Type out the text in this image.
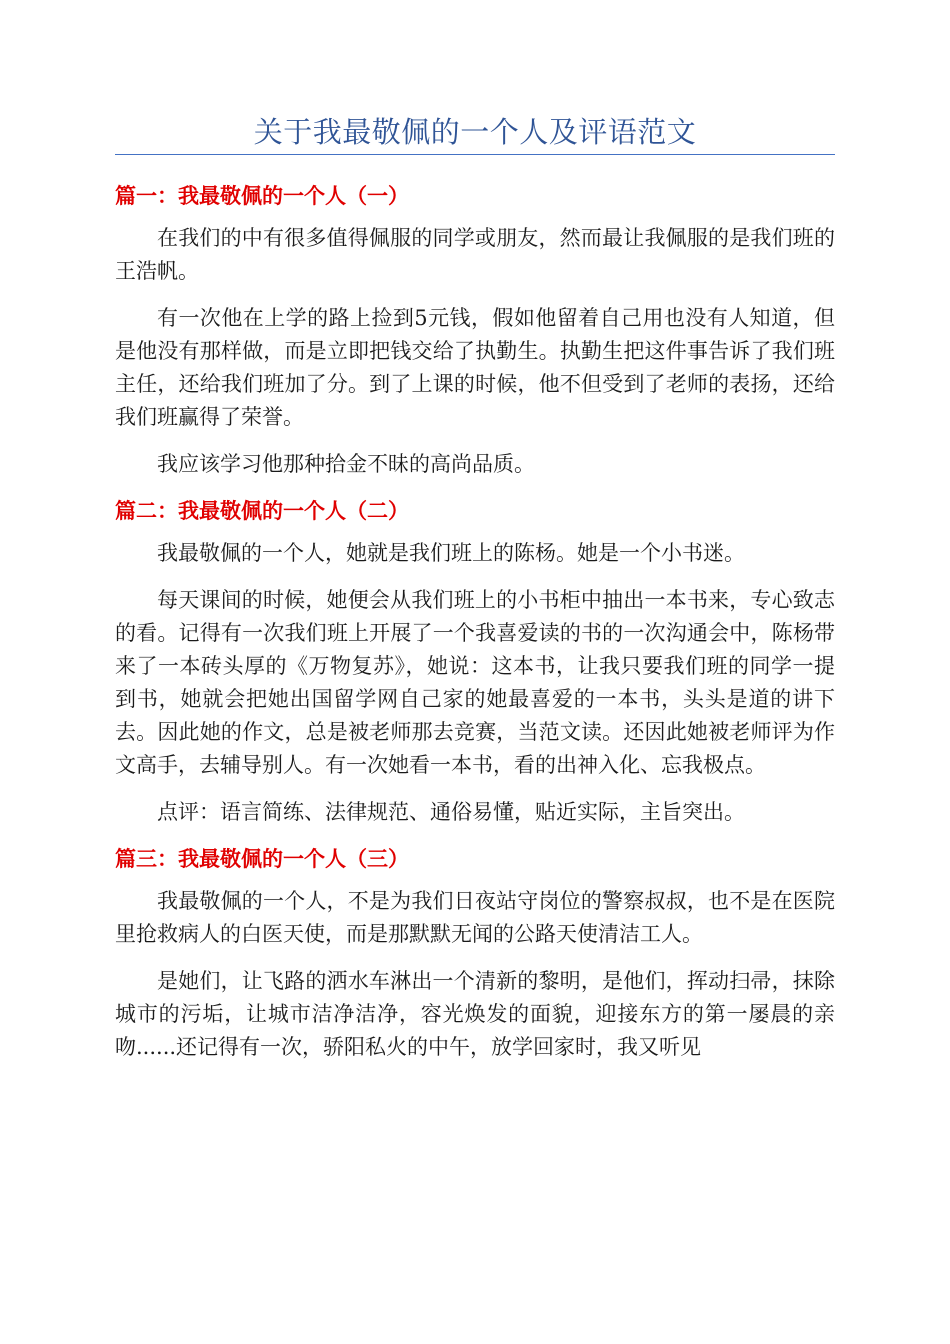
关于我最敬佩的一个人及评语范文
篇一：我最敬佩的一个人（一）

在我们的中有很多值得佩服的同学或朋友，然而最让我佩服的是我们班的王浩帆。

有一次他在上学的路上捡到5元钱，假如他留着自己用也没有人知道，但是他没有那样做，而是立即把钱交给了执勤生。执勤生把这件事告诉了我们班主任，还给我们班加了分。到了上课的时候，他不但受到了老师的表扬，还给我们班赢得了荣誉。

我应该学习他那种拾金不昧的高尚品质。

篇二：我最敬佩的一个人（二）

我最敬佩的一个人，她就是我们班上的陈杨。她是一个小书迷。

每天课间的时候，她便会从我们班上的小书柜中抽出一本书来，专心致志的看。记得有一次我们班上开展了一个我喜爱读的书的一次沟通会中，陈杨带来了一本砖头厚的《万物复苏》，她说：这本书，让我只要我们班的同学一提到书，她就会把她出国留学网自己家的她最喜爱的一本书，头头是道的讲下去。因此她的作文，总是被老师那去竞赛，当范文读。还因此她被老师评为作文高手，去辅导别人。有一次她看一本书，看的出神入化、忘我极点。

点评：语言简练、法律规范、通俗易懂，贴近实际，主旨突出。

篇三：我最敬佩的一个人（三）

我最敬佩的一个人，不是为我们日夜站守岗位的警察叔叔，也不是在医院里抢救病人的白医天使，而是那默默无闻的公路天使清洁工人。

是她们，让飞路的洒水车淋出一个清新的黎明，是他们，挥动扫帚，抹除城市的污垢，让城市洁净洁净，容光焕发的面貌，迎接东方的第一屡晨的亲吻......还记得有一次，骄阳私火的中午，放学回家时，我又听见
